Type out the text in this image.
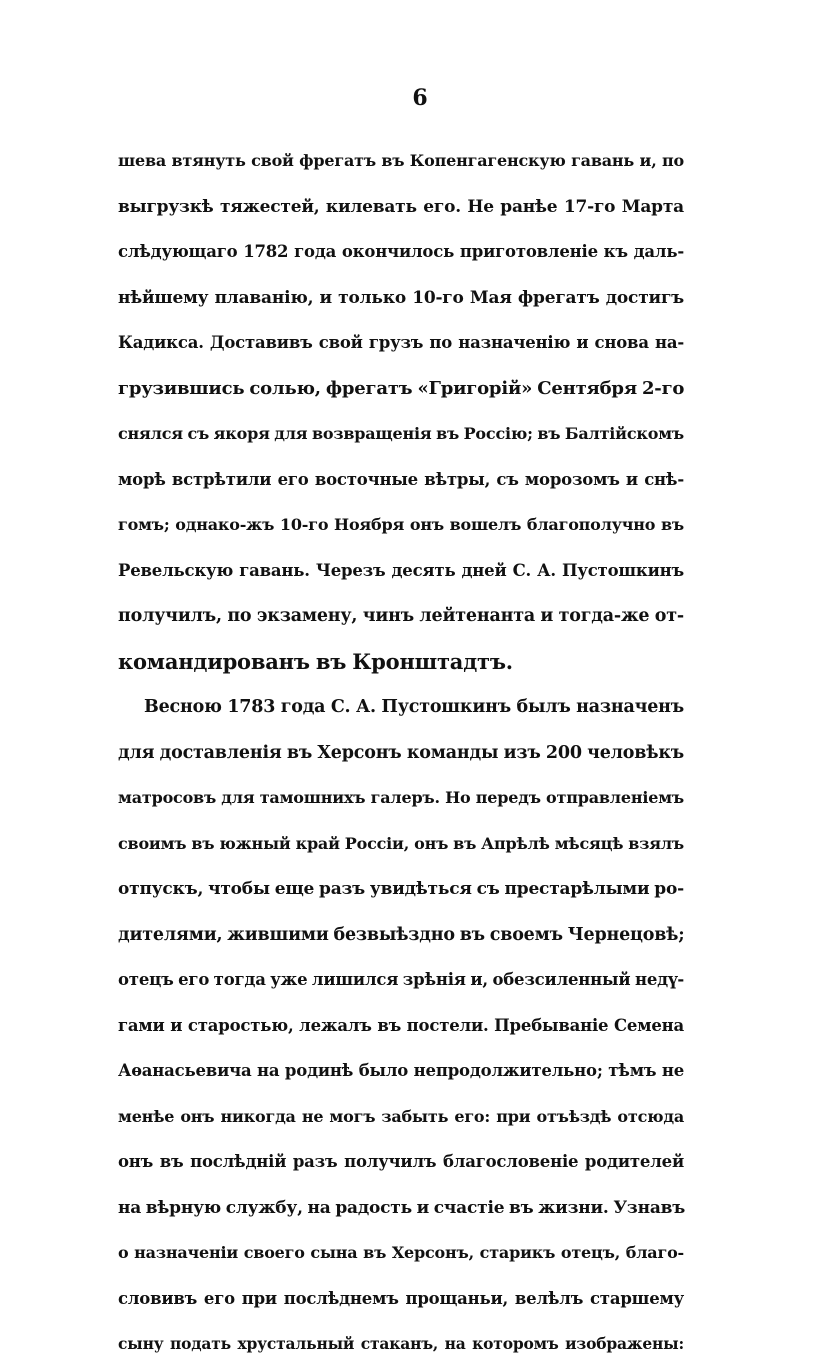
6
шева втянуть свой фрегатъ въ Копенгагенскую гавань и, по
выгрузкѣ тяжестей, килевать его. Не ранѣе 17-го Марта
слѣдующаго 1782 года окончилось приготовленіе къ даль-
нѣйшему плаванію, и только 10-го Мая фрегатъ достигъ
Кадикса. Доставивъ свой грузъ по назначенію и снова на-
грузившись солью, фрегатъ «Григорій» Сентября 2-го
снялся съ якоря для возвращенія въ Россію; въ Балтійскомъ
морѣ встрѣтили его восточные вѣтры, съ морозомъ и снѣ-
гомъ; однако-жъ 10-го Ноября онъ вошелъ благополучно въ
Ревельскую гавань. Черезъ десять дней С. А. Пустошкинъ
получилъ, по экзамену, чинъ лейтенанта и тогда-же от-
командированъ въ Кронштадтъ.
Весною 1783 года С. А. Пустошкинъ былъ назначенъ
для доставленія въ Херсонъ команды изъ 200 человѣкъ
матросовъ для тамошнихъ галеръ. Но передъ отправленіемъ
своимъ въ южный край Россіи, онъ въ Апрѣлѣ мѣсяцѣ взялъ
отпускъ, чтобы еще разъ увидѣться съ престарѣлыми ро-
дителями, жившими безвыѣздно въ своемъ Чернецовѣ;
отецъ его тогда уже лишился зрѣнія и, обезсиленный недү-
гами и старостью, лежалъ въ постели. Пребываніе Семена
Аѳанасьевича на родинѣ было непродолжительно; тѣмъ не
менѣе онъ никогда не могъ забыть его: при отъѣздѣ отсюда
онъ въ послѣдній разъ получилъ благословеніе родителей
на вѣрную службу, на радость и счастіе въ жизни. Узнавъ
о назначеніи своего сына въ Херсонъ, старикъ отецъ, благо-
словивъ его при послѣднемъ прощаньи, велѣлъ старшему
сыну подать хрустальный стаканъ, на которомъ изображены:
